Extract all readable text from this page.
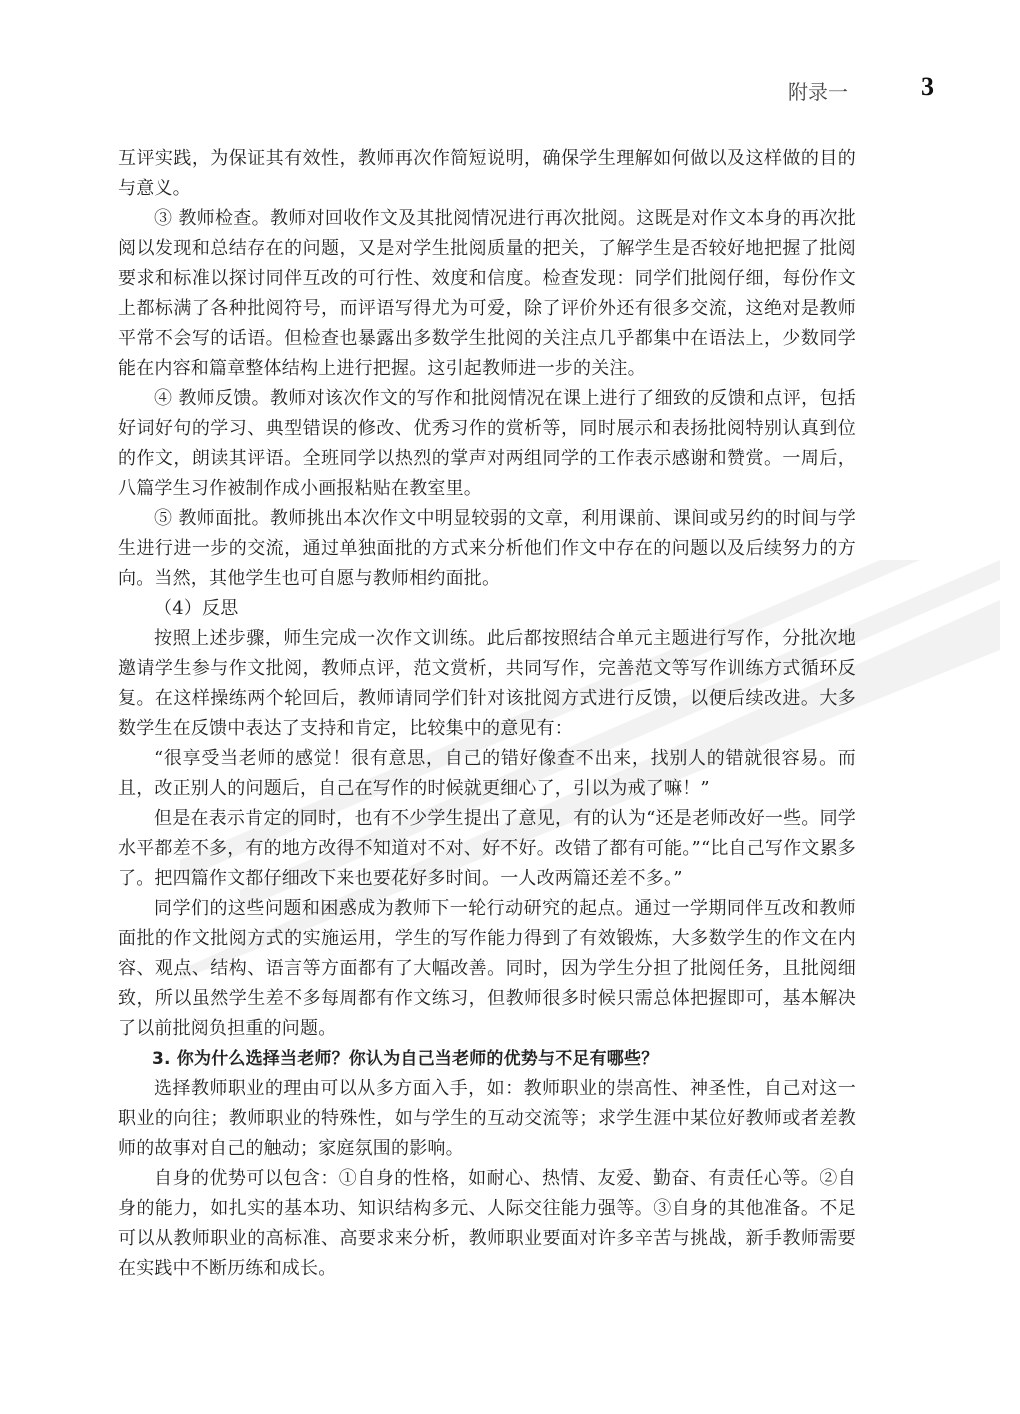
附录一	3

互评实践，为保证其有效性，教师再次作简短说明，确保学生理解如何做以及这样做的目的与意义。

③ 教师检查。教师对回收作文及其批阅情况进行再次批阅。这既是对作文本身的再次批阅以发现和总结存在的问题，又是对学生批阅质量的把关，了解学生是否较好地把握了批阅要求和标准以探讨同伴互改的可行性、效度和信度。检查发现：同学们批阅仔细，每份作文上都标满了各种批阅符号，而评语写得尤为可爱，除了评价外还有很多交流，这绝对是教师平常不会写的话语。但检查也暴露出多数学生批阅的关注点几乎都集中在语法上，少数同学能在内容和篇章整体结构上进行把握。这引起教师进一步的关注。

④ 教师反馈。教师对该次作文的写作和批阅情况在课上进行了细致的反馈和点评，包括好词好句的学习、典型错误的修改、优秀习作的赏析等，同时展示和表扬批阅特别认真到位的作文，朗读其评语。全班同学以热烈的掌声对两组同学的工作表示感谢和赞赏。一周后，八篇学生习作被制作成小画报粘贴在教室里。

⑤ 教师面批。教师挑出本次作文中明显较弱的文章，利用课前、课间或另约的时间与学生进行进一步的交流，通过单独面批的方式来分析他们作文中存在的问题以及后续努力的方向。当然，其他学生也可自愿与教师相约面批。

（4）反思

按照上述步骤，师生完成一次作文训练。此后都按照结合单元主题进行写作，分批次地邀请学生参与作文批阅，教师点评，范文赏析，共同写作，完善范文等写作训练方式循环反复。在这样操练两个轮回后，教师请同学们针对该批阅方式进行反馈，以便后续改进。大多数学生在反馈中表达了支持和肯定，比较集中的意见有：

“很享受当老师的感觉！很有意思，自己的错好像查不出来，找别人的错就很容易。而且，改正别人的问题后，自己在写作的时候就更细心了，引以为戒了嘛！”

但是在表示肯定的同时，也有不少学生提出了意见，有的认为“还是老师改好一些。同学水平都差不多，有的地方改得不知道对不对、好不好。改错了都有可能。”“比自己写作文累多了。把四篇作文都仔细改下来也要花好多时间。一人改两篇还差不多。”

同学们的这些问题和困惑成为教师下一轮行动研究的起点。通过一学期同伴互改和教师面批的作文批阅方式的实施运用，学生的写作能力得到了有效锻炼，大多数学生的作文在内容、观点、结构、语言等方面都有了大幅改善。同时，因为学生分担了批阅任务，且批阅细致，所以虽然学生差不多每周都有作文练习，但教师很多时候只需总体把握即可，基本解决了以前批阅负担重的问题。

3. 你为什么选择当老师？你认为自己当老师的优势与不足有哪些？

选择教师职业的理由可以从多方面入手，如：教师职业的崇高性、神圣性，自己对这一职业的向往；教师职业的特殊性，如与学生的互动交流等；求学生涯中某位好教师或者差教师的故事对自己的触动；家庭氛围的影响。

自身的优势可以包含：①自身的性格，如耐心、热情、友爱、勤奋、有责任心等。②自身的能力，如扎实的基本功、知识结构多元、人际交往能力强等。③自身的其他准备。不足可以从教师职业的高标准、高要求来分析，教师职业要面对许多辛苦与挑战，新手教师需要在实践中不断历练和成长。
